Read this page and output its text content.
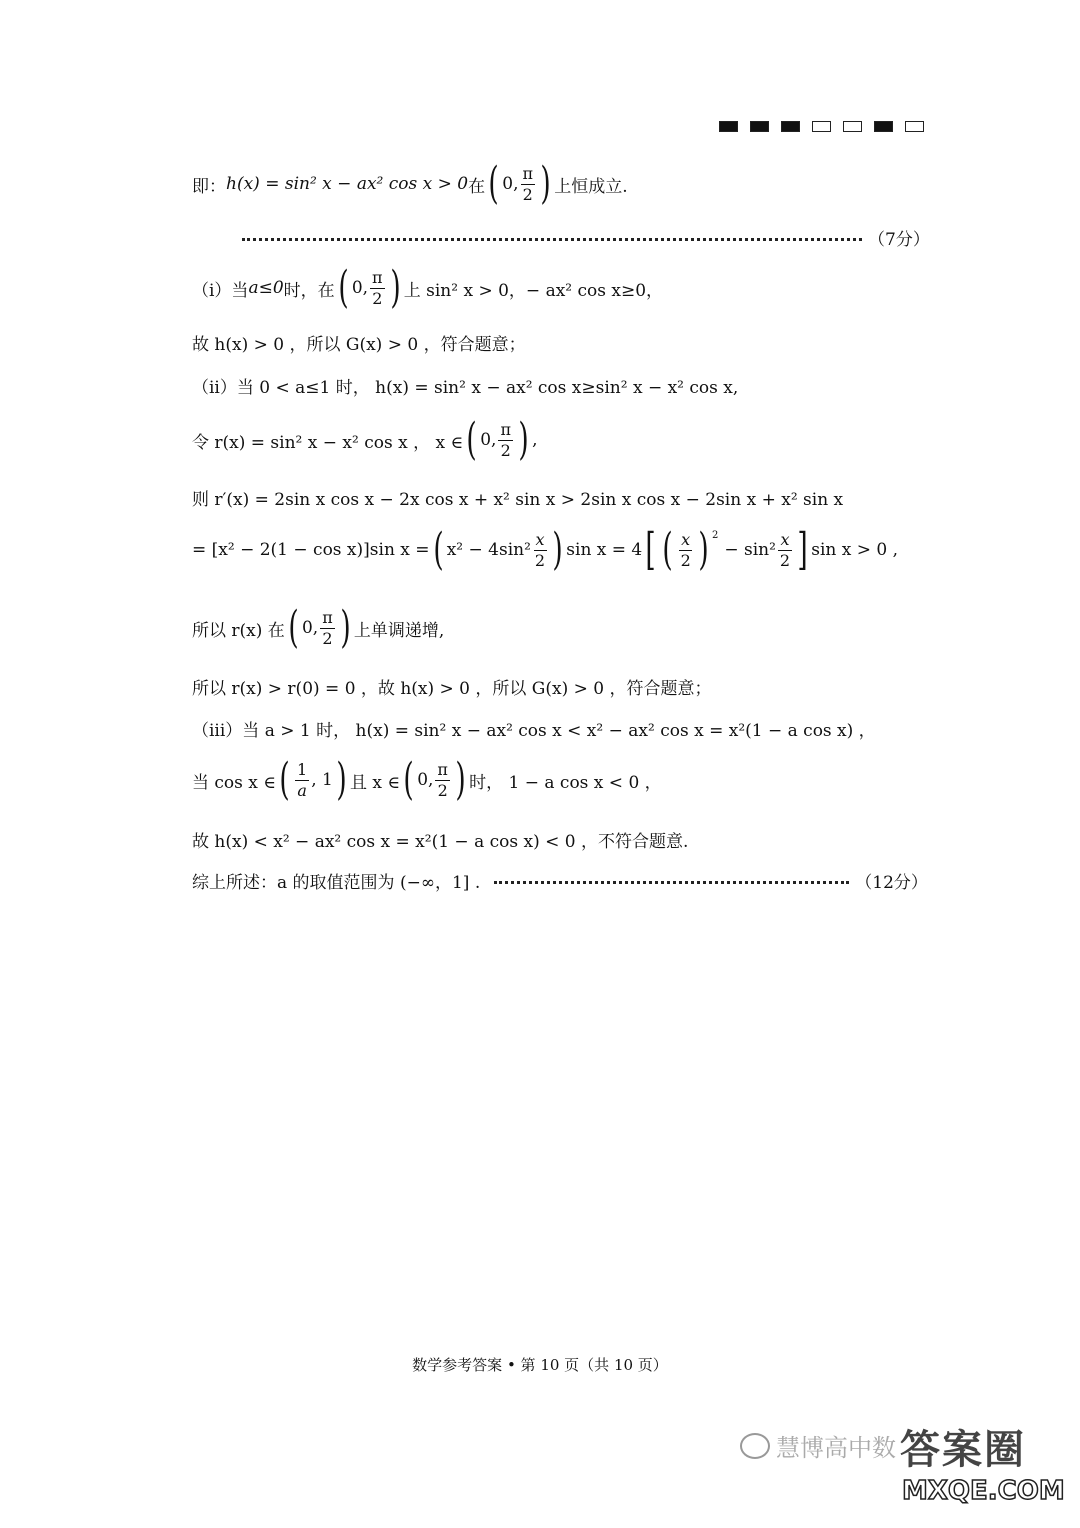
即： h(x) = sin² x − ax² cos x > 0 在 ( 0, $\frac{\pi}{2}$ ) 上恒成立.
（7分）
（i）当 a≤0 时，在 ( 0, $\frac{\pi}{2}$ ) 上 sin² x > 0，− ax² cos x≥0，
故 h(x) > 0 ，所以 G(x) > 0 ，符合题意；
（ii）当 0 < a≤1 时， h(x) = sin² x − ax² cos x≥sin² x − x² cos x,
令 r(x) = sin² x − x² cos x ， x ∈ ( 0, $\frac{\pi}{2}$ ) ,
则 r′(x) = 2sin x cos x − 2x cos x + x² sin x > 2sin x cos x − 2sin x + x² sin x
= [x² − 2(1 − cos x)]sin x = ( $x^2 - 4\sin^2 \frac{x}{2}$ ) sin x = 4 [ ( $\frac{x}{2}$ ) 2
− $\sin^2 \frac{x}{2}$ ] sin x > 0 ,
所以 r(x) 在 ( 0, $\frac{\pi}{2}$ ) 上单调递增,
所以 r(x) > r(0) = 0 ，故 h(x) > 0 ，所以 G(x) > 0 ，符合题意；
（iii）当 a > 1 时， h(x) = sin² x − ax² cos x < x² − ax² cos x = x²(1 − a cos x) ，
当 cos x ∈ ( $\frac{1}{a}$ , 1 ) 且 x ∈ ( 0, $\frac{\pi}{2}$ ) 时， 1 − a cos x < 0 ，
故 h(x) < x² − ax² cos x = x²(1 − a cos x) < 0 ，不符合题意.
综上所述：a 的取值范围为 (−∞，1] .	（12分）
数学参考答案 • 第 10 页（共 10 页）
慧博高中数 答案圈
MXQE.COM
